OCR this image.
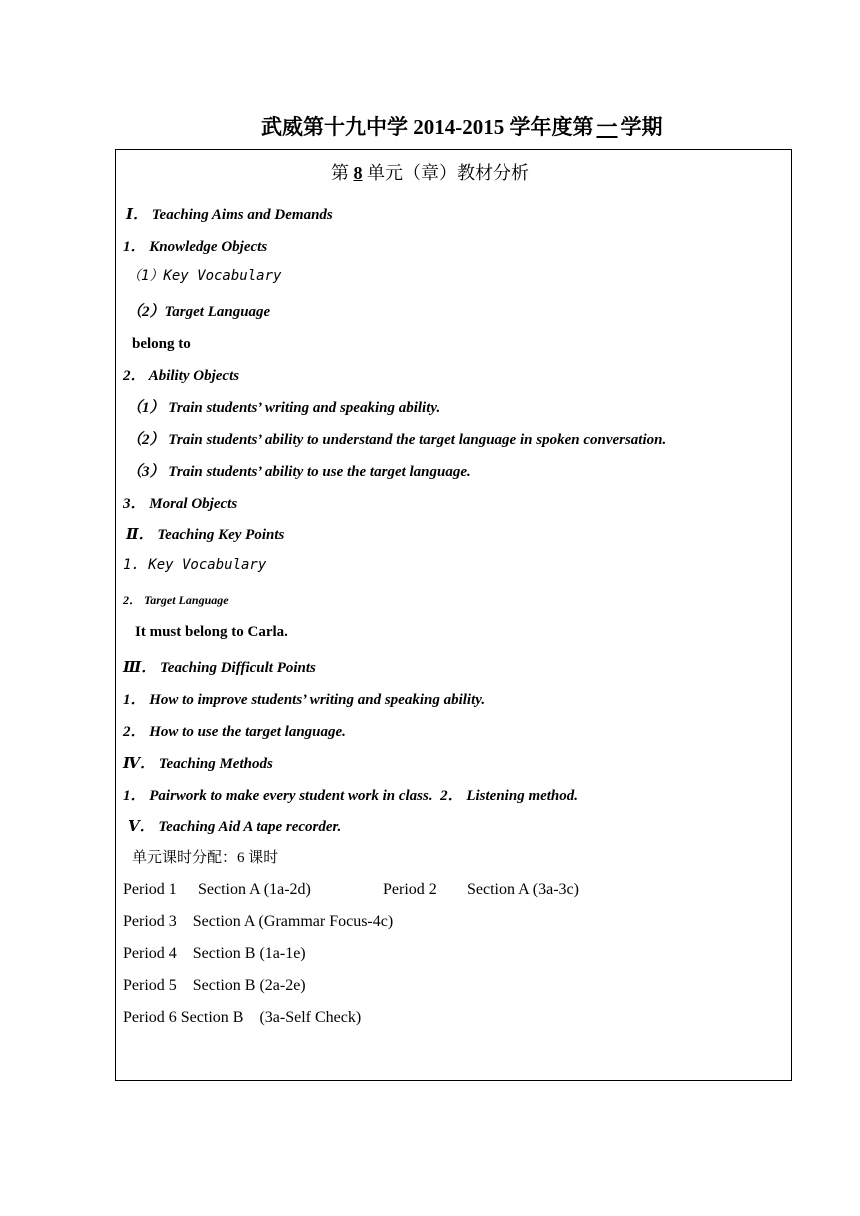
武威第十九中学 2014-2015 学年度第 一 学期
第 8 单元（章）教材分析
Ⅰ． Teaching Aims and Demands
1． Knowledge Objects
（1）Key Vocabulary
（2）Target Language
belong to
2． Ability Objects
（1） Train students’ writing and speaking ability.
（2） Train students’ ability to understand the target language in spoken conversation.
（3） Train students’ ability to use the target language.
3． Moral Objects
Ⅱ． Teaching Key Points
1. Key Vocabulary
2． Target Language
It must belong to Carla.
Ⅲ． Teaching Difficult Points
1． How to improve students’ writing and speaking ability.
2． How to use the target language.
Ⅳ． Teaching Methods
1． Pairwork to make every student work in class. 2． Listening method.
Ⅴ． Teaching Aid A tape recorder.
单元课时分配：6 课时
Period 1 Section A (1a-2d)	Period 2 Section A (3a-3c)
Period 3    Section A (Grammar Focus-4c)
Period 4    Section B (1a-1e)
Period 5    Section B (2a-2e)
Period 6 Section B    (3a-Self Check)
